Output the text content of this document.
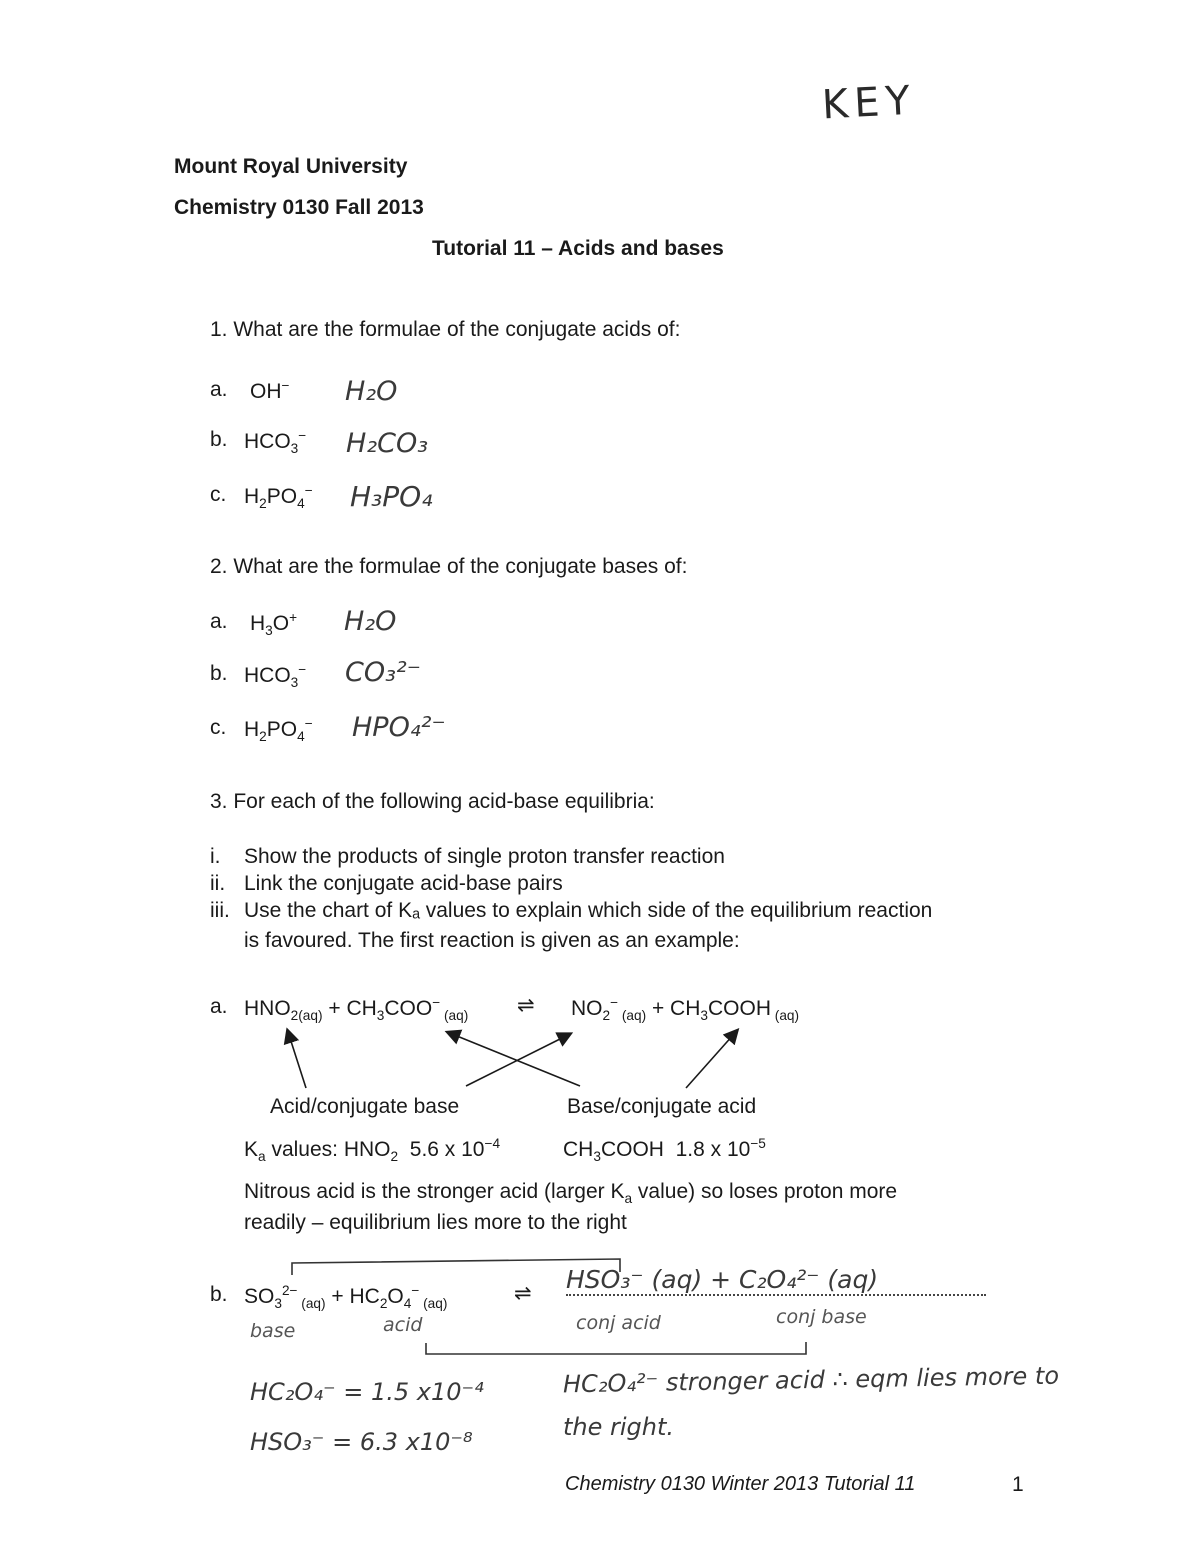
KEY
Mount Royal University
Chemistry 0130 Fall 2013
Tutorial 11 – Acids and bases
1. What are the formulae of the conjugate acids of:
a. OH− H₂O
b. $HCO_3^-$ H₂CO₃
c. $H_2PO_4^-$ H₃PO₄
2. What are the formulae of the conjugate bases of:
a. $H_3O^+$ H₂O
b. $HCO_3^-$ CO₃²⁻
c. $H_2PO_4^-$ HPO₄²⁻
3. For each of the following acid-base equilibria:
i. Show the products of single proton transfer reaction
ii. Link the conjugate acid-base pairs
iii. Use the chart of Kₐ values to explain which side of the equilibrium reaction
is favoured. The first reaction is given as an example:
a. $HNO_{2(aq)} + CH_3COO^-$ $_{(aq)}$ ⇌ $NO_2^-$ $_{(aq)} + CH_3COOH$ $_{(aq)}$
Acid/conjugate base	Base/conjugate acid
$K_a$ values: $HNO_2$ 5.6 x $10^{-4}$	$CH_3COOH$  1.8 x $10^{-5}$
Nitrous acid is the stronger acid (larger $K_a$ value) so loses proton more
readily – equilibrium lies more to the right
b. $SO_3^{2-}$ $_{(aq)} + HC_2O_4^-$ $_{(aq)}$	⇌ HSO₃⁻ (aq) + C₂O₄²⁻ (aq)
base	acid	conj acid	conj base
HC₂O₄⁻ = 1.5 x10⁻⁴
HSO₃⁻ = 6.3 x10⁻⁸
HC₂O₄²⁻ stronger acid ∴ eqm lies more to
the right.
Chemistry 0130 Winter 2013 Tutorial 11	1
